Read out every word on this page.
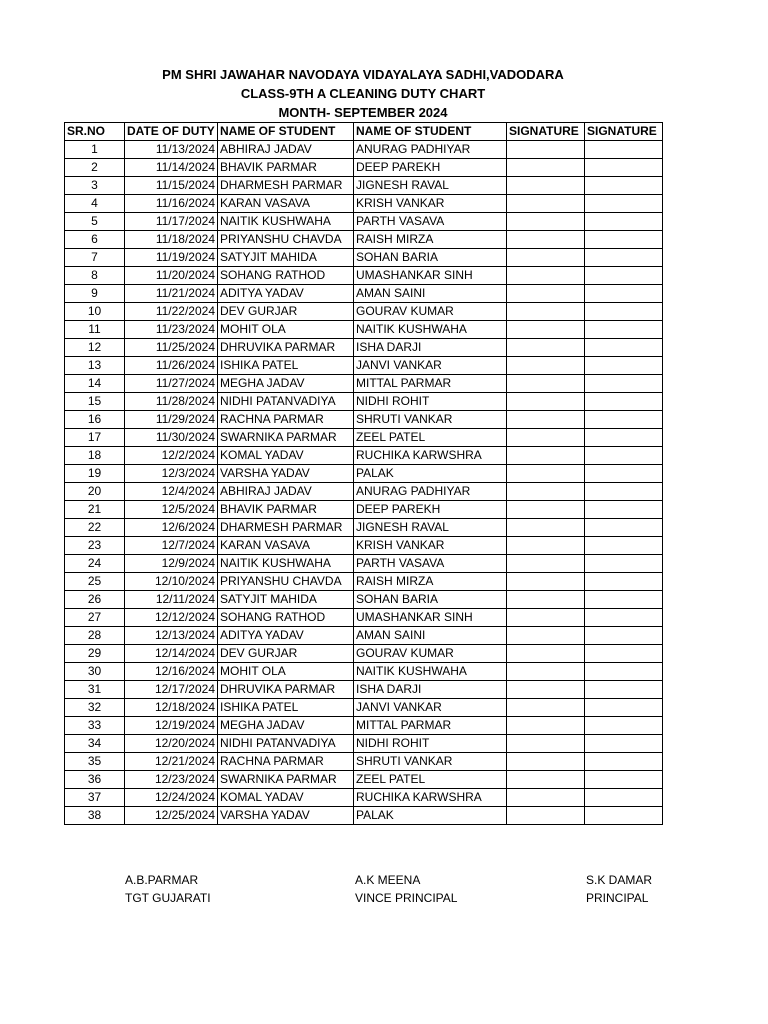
PM SHRI JAWAHAR NAVODAYA VIDAYALAYA SADHI,VADODARA
CLASS-9TH A CLEANING DUTY CHART
MONTH- SEPTEMBER 2024
SR.NO	DATE OF DUTY	NAME OF STUDENT	NAME OF STUDENT	SIGNATURE	SIGNATURE
1	11/13/2024	ABHIRAJ JADAV	ANURAG PADHIYAR		
2	11/14/2024	BHAVIK PARMAR	DEEP PAREKH		
3	11/15/2024	DHARMESH PARMAR	JIGNESH RAVAL		
4	11/16/2024	KARAN VASAVA	KRISH VANKAR		
5	11/17/2024	NAITIK KUSHWAHA	PARTH VASAVA		
6	11/18/2024	PRIYANSHU CHAVDA	RAISH MIRZA		
7	11/19/2024	SATYJIT MAHIDA	SOHAN BARIA		
8	11/20/2024	SOHANG RATHOD	UMASHANKAR SINH		
9	11/21/2024	ADITYA YADAV	AMAN SAINI		
10	11/22/2024	DEV GURJAR	GOURAV KUMAR		
11	11/23/2024	MOHIT OLA	NAITIK KUSHWAHA		
12	11/25/2024	DHRUVIKA PARMAR	ISHA DARJI		
13	11/26/2024	ISHIKA PATEL	JANVI VANKAR		
14	11/27/2024	MEGHA JADAV	MITTAL PARMAR		
15	11/28/2024	NIDHI PATANVADIYA	NIDHI ROHIT		
16	11/29/2024	RACHNA PARMAR	SHRUTI VANKAR		
17	11/30/2024	SWARNIKA PARMAR	ZEEL PATEL		
18	12/2/2024	KOMAL YADAV	RUCHIKA KARWSHRA		
19	12/3/2024	VARSHA YADAV	PALAK		
20	12/4/2024	ABHIRAJ JADAV	ANURAG PADHIYAR		
21	12/5/2024	BHAVIK PARMAR	DEEP PAREKH		
22	12/6/2024	DHARMESH PARMAR	JIGNESH RAVAL		
23	12/7/2024	KARAN VASAVA	KRISH VANKAR		
24	12/9/2024	NAITIK KUSHWAHA	PARTH VASAVA		
25	12/10/2024	PRIYANSHU CHAVDA	RAISH MIRZA		
26	12/11/2024	SATYJIT MAHIDA	SOHAN BARIA		
27	12/12/2024	SOHANG RATHOD	UMASHANKAR SINH		
28	12/13/2024	ADITYA YADAV	AMAN SAINI		
29	12/14/2024	DEV GURJAR	GOURAV KUMAR		
30	12/16/2024	MOHIT OLA	NAITIK KUSHWAHA		
31	12/17/2024	DHRUVIKA PARMAR	ISHA DARJI		
32	12/18/2024	ISHIKA PATEL	JANVI VANKAR		
33	12/19/2024	MEGHA JADAV	MITTAL PARMAR		
34	12/20/2024	NIDHI PATANVADIYA	NIDHI ROHIT		
35	12/21/2024	RACHNA PARMAR	SHRUTI VANKAR		
36	12/23/2024	SWARNIKA PARMAR	ZEEL PATEL		
37	12/24/2024	KOMAL YADAV	RUCHIKA KARWSHRA		
38	12/25/2024	VARSHA YADAV	PALAK		
A.B.PARMAR
TGT GUJARATI
A.K MEENA
VINCE PRINCIPAL
S.K DAMAR
PRINCIPAL
